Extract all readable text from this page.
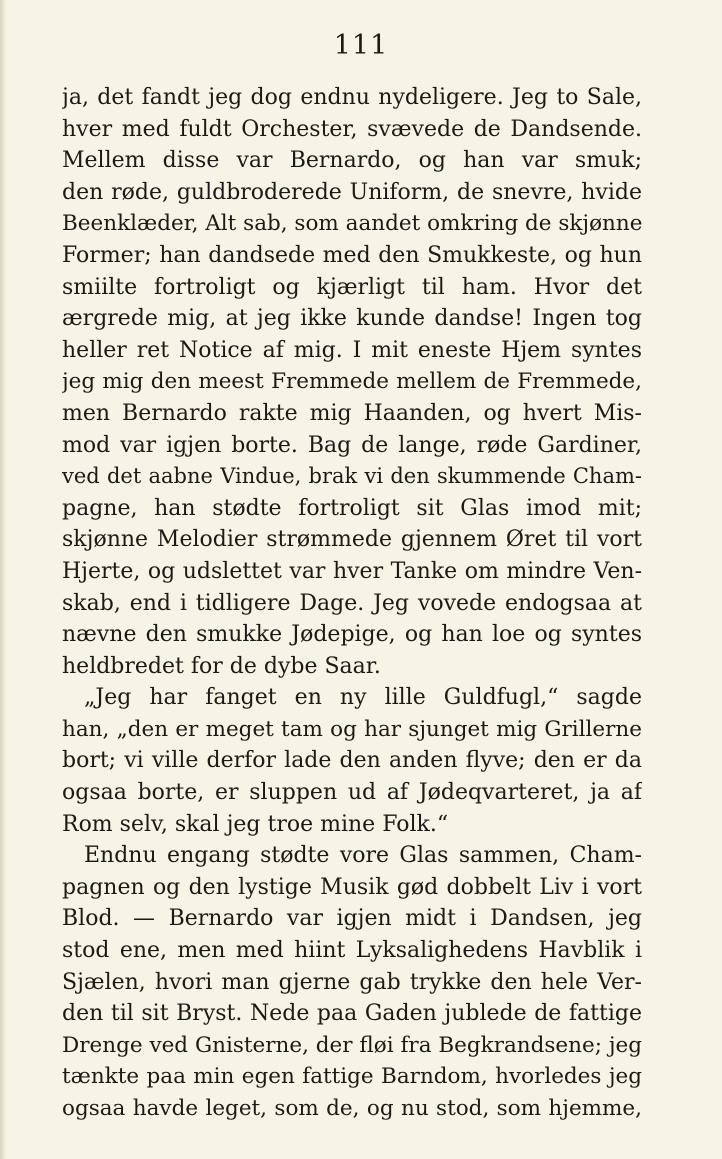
111
ja, det fandt jeg dog endnu nydeligere. Jeg to Sale,
hver med fuldt Orchester, svævede de Dandsende.
Mellem disse var Bernardo, og han var smuk;
den røde, guldbroderede Uniform, de snevre, hvide
Beenklæder, Alt sab, som aandet omkring de skjønne
Former; han dandsede med den Smukkeste, og hun
smiilte fortroligt og kjærligt til ham. Hvor det
ærgrede mig, at jeg ikke kunde dandse! Ingen tog
heller ret Notice af mig. I mit eneste Hjem syntes
jeg mig den meest Fremmede mellem de Fremmede,
men Bernardo rakte mig Haanden, og hvert Mis-
mod var igjen borte. Bag de lange, røde Gardiner,
ved det aabne Vindue, brak vi den skummende Cham-
pagne, han stødte fortroligt sit Glas imod mit;
skjønne Melodier strømmede gjennem Øret til vort
Hjerte, og udslettet var hver Tanke om mindre Ven-
skab, end i tidligere Dage. Jeg vovede endogsaa at
nævne den smukke Jødepige, og han loe og syntes
heldbredet for de dybe Saar.
„Jeg har fanget en ny lille Guldfugl,“ sagde
han, „den er meget tam og har sjunget mig Grillerne
bort; vi ville derfor lade den anden flyve; den er da
ogsaa borte, er sluppen ud af Jødeqvarteret, ja af
Rom selv, skal jeg troe mine Folk.“
Endnu engang stødte vore Glas sammen, Cham-
pagnen og den lystige Musik gød dobbelt Liv i vort
Blod. — Bernardo var igjen midt i Dandsen, jeg
stod ene, men med hiint Lyksalighedens Havblik i
Sjælen, hvori man gjerne gab trykke den hele Ver-
den til sit Bryst. Nede paa Gaden jublede de fattige
Drenge ved Gnisterne, der fløi fra Begkrandsene; jeg
tænkte paa min egen fattige Barndom, hvorledes jeg
ogsaa havde leget, som de, og nu stod, som hjemme,
